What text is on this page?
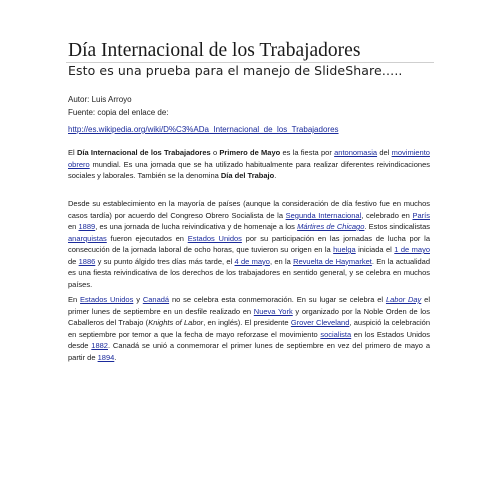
Día Internacional de los Trabajadores
Esto es una prueba para el manejo de SlideShare…..
Autor: Luis Arroyo
Fuente: copia del enlace de:
http://es.wikipedia.org/wiki/D%C3%ADa_Internacional_de_los_Trabajadores

El Día Internacional de los Trabajadores o Primero de Mayo es la fiesta por antonomasia del movimiento obrero mundial. Es una jornada que se ha utilizado habitualmente para realizar diferentes reivindicaciones sociales y laborales. También se la denomina Día del Trabajo.

Desde su establecimiento en la mayoría de países (aunque la consideración de día festivo fue en muchos casos tardía) por acuerdo del Congreso Obrero Socialista de la Segunda Internacional, celebrado en París en 1889, es una jornada de lucha reivindicativa y de homenaje a los Mártires de Chicago. Estos sindicalistas anarquistas fueron ejecutados en Estados Unidos por su participación en las jornadas de lucha por la consecución de la jornada laboral de ocho horas, que tuvieron su origen en la huelga iniciada el 1 de mayo de 1886 y su punto álgido tres días más tarde, el 4 de mayo, en la Revuelta de Haymarket. En la actualidad es una fiesta reivindicativa de los derechos de los trabajadores en sentido general, y se celebra en muchos países.

En Estados Unidos y Canadá no se celebra esta conmemoración. En su lugar se celebra el Labor Day el primer lunes de septiembre en un desfile realizado en Nueva York y organizado por la Noble Orden de los Caballeros del Trabajo (Knights of Labor, en inglés). El presidente Grover Cleveland, auspició la celebración en septiembre por temor a que la fecha de mayo reforzase el movimiento socialista en los Estados Unidos desde 1882. Canadá se unió a conmemorar el primer lunes de septiembre en vez del primero de mayo a partir de 1894.
